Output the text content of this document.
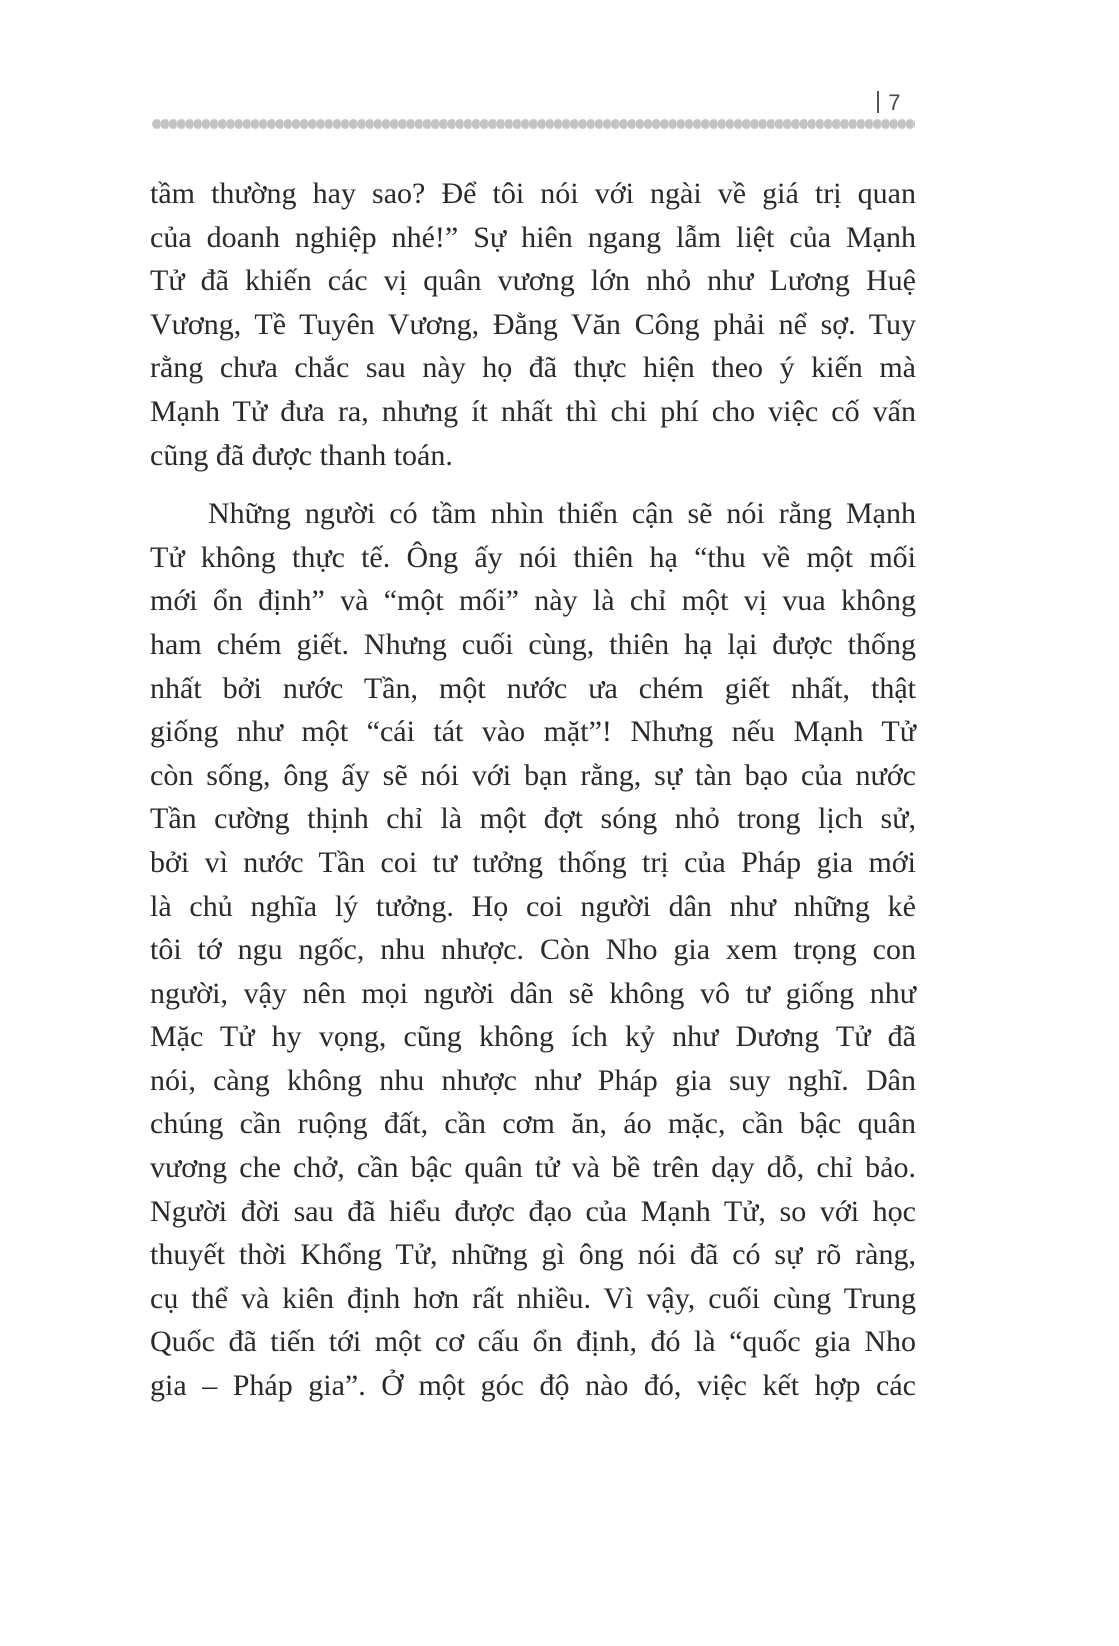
7

tầm thường hay sao? Để tôi nói với ngài về giá trị quan
của doanh nghiệp nhé!” Sự hiên ngang lẫm liệt của Mạnh
Tử đã khiến các vị quân vương lớn nhỏ như Lương Huệ
Vương, Tề Tuyên Vương, Đằng Văn Công phải nể sợ. Tuy
rằng chưa chắc sau này họ đã thực hiện theo ý kiến mà
Mạnh Tử đưa ra, nhưng ít nhất thì chi phí cho việc cố vấn
cũng đã được thanh toán.

Những người có tầm nhìn thiển cận sẽ nói rằng Mạnh
Tử không thực tế. Ông ấy nói thiên hạ “thu về một mối
mới ổn định” và “một mối” này là chỉ một vị vua không
ham chém giết. Nhưng cuối cùng, thiên hạ lại được thống
nhất bởi nước Tần, một nước ưa chém giết nhất, thật
giống như một “cái tát vào mặt”! Nhưng nếu Mạnh Tử
còn sống, ông ấy sẽ nói với bạn rằng, sự tàn bạo của nước
Tần cường thịnh chỉ là một đợt sóng nhỏ trong lịch sử,
bởi vì nước Tần coi tư tưởng thống trị của Pháp gia mới
là chủ nghĩa lý tưởng. Họ coi người dân như những kẻ
tôi tớ ngu ngốc, nhu nhược. Còn Nho gia xem trọng con
người, vậy nên mọi người dân sẽ không vô tư giống như
Mặc Tử hy vọng, cũng không ích kỷ như Dương Tử đã
nói, càng không nhu nhược như Pháp gia suy nghĩ. Dân
chúng cần ruộng đất, cần cơm ăn, áo mặc, cần bậc quân
vương che chở, cần bậc quân tử và bề trên dạy dỗ, chỉ bảo.
Người đời sau đã hiểu được đạo của Mạnh Tử, so với học
thuyết thời Khổng Tử, những gì ông nói đã có sự rõ ràng,
cụ thể và kiên định hơn rất nhiều. Vì vậy, cuối cùng Trung
Quốc đã tiến tới một cơ cấu ổn định, đó là “quốc gia Nho
gia – Pháp gia”. Ở một góc độ nào đó, việc kết hợp các
